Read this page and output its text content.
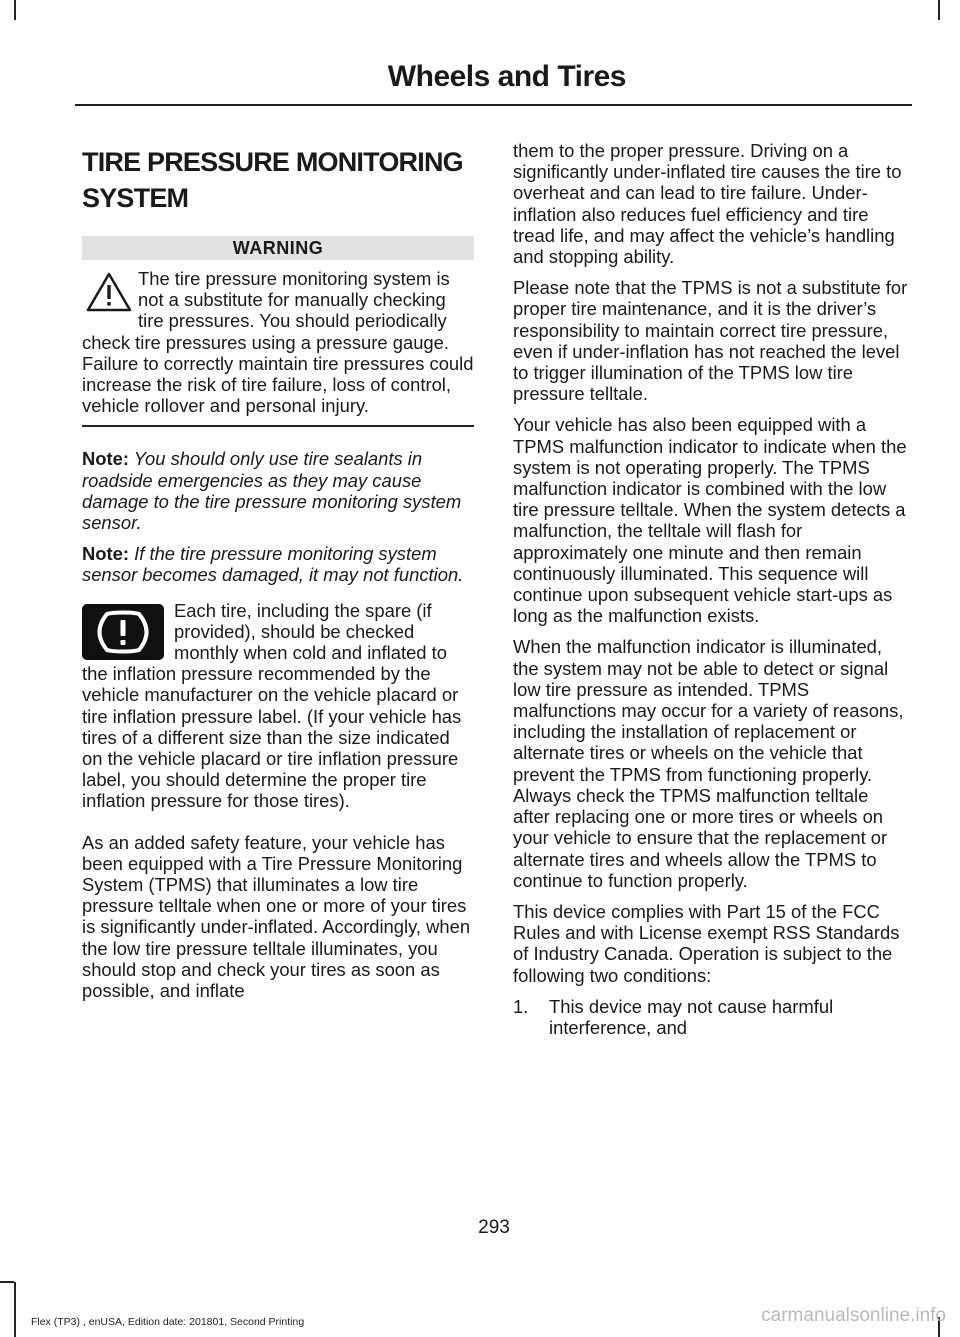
Wheels and Tires
TIRE PRESSURE MONITORING
SYSTEM
WARNING
The tire pressure monitoring system is not a substitute for manually checking tire pressures. You should periodically check tire pressures using a pressure gauge. Failure to correctly maintain tire pressures could increase the risk of tire failure, loss of control, vehicle rollover and personal injury.

Note: You should only use tire sealants in roadside emergencies as they may cause damage to the tire pressure monitoring system sensor.

Note: If the tire pressure monitoring system sensor becomes damaged, it may not function.

Each tire, including the spare (if provided), should be checked monthly when cold and inflated to the inflation pressure recommended by the vehicle manufacturer on the vehicle placard or tire inflation pressure label. (If your vehicle has tires of a different size than the size indicated on the vehicle placard or tire inflation pressure label, you should determine the proper tire inflation pressure for those tires).

As an added safety feature, your vehicle has been equipped with a Tire Pressure Monitoring System (TPMS) that illuminates a low tire pressure telltale when one or more of your tires is significantly under-inflated. Accordingly, when the low tire pressure telltale illuminates, you should stop and check your tires as soon as possible, and inflate

them to the proper pressure. Driving on a significantly under-inflated tire causes the tire to overheat and can lead to tire failure. Under-inflation also reduces fuel efficiency and tire tread life, and may affect the vehicle’s handling and stopping ability.

Please note that the TPMS is not a substitute for proper tire maintenance, and it is the driver’s responsibility to maintain correct tire pressure, even if under-inflation has not reached the level to trigger illumination of the TPMS low tire pressure telltale.

Your vehicle has also been equipped with a TPMS malfunction indicator to indicate when the system is not operating properly. The TPMS malfunction indicator is combined with the low tire pressure telltale. When the system detects a malfunction, the telltale will flash for approximately one minute and then remain continuously illuminated. This sequence will continue upon subsequent vehicle start-ups as long as the malfunction exists.

When the malfunction indicator is illuminated, the system may not be able to detect or signal low tire pressure as intended. TPMS malfunctions may occur for a variety of reasons, including the installation of replacement or alternate tires or wheels on the vehicle that prevent the TPMS from functioning properly. Always check the TPMS malfunction telltale after replacing one or more tires or wheels on your vehicle to ensure that the replacement or alternate tires and wheels allow the TPMS to continue to function properly.

This device complies with Part 15 of the FCC Rules and with License exempt RSS Standards of Industry Canada. Operation is subject to the following two conditions:

1. This device may not cause harmful interference, and
293
Flex (TP3) , enUSA, Edition date: 201801, Second Printing	carmanualsonline.info
